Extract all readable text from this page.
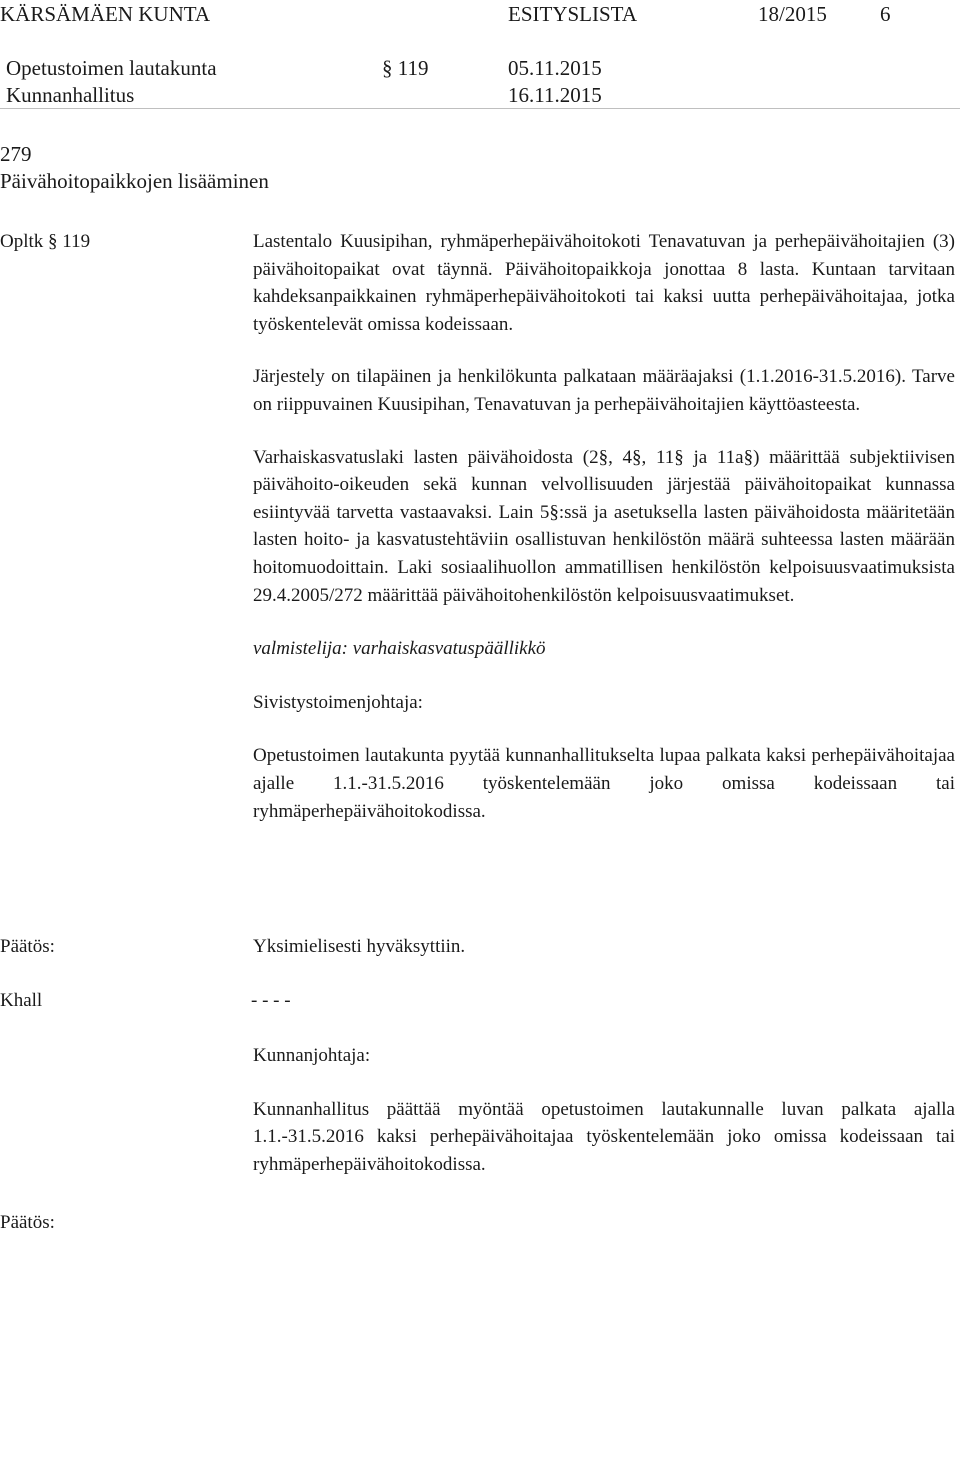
KÄRSÄMÄEN KUNTA	ESITYSLISTA	18/2015	6
Opetustoimen lautakunta	§ 119	05.11.2015
Kunnanhallitus	16.11.2015
279
Päivähoitopaikkojen lisääminen
Opltk § 119	Lastentalo Kuusipihan, ryhmäperhepäivähoitokoti Tenavatuvan ja perhepäivähoitajien (3) päivähoitopaikat ovat täynnä. Päivähoitopaikkoja jonottaa 8 lasta. Kuntaan tarvitaan kahdeksanpaikkainen ryhmäperhepäivähoitokoti tai kaksi uutta perhepäivähoitajaa, jotka työskentelevät omissa kodeissaan.

Järjestely on tilapäinen ja henkilökunta palkataan määräajaksi (1.1.2016-31.5.2016). Tarve on riippuvainen Kuusipihan, Tenavatuvan ja perhepäivähoitajien käyttöasteesta.

Varhaiskasvatuslaki lasten päivähoidosta (2§, 4§, 11§ ja 11a§) määrittää subjektiivisen päivähoito-oikeuden sekä kunnan velvollisuuden järjestää päivähoitopaikat kunnassa esiintyvää tarvetta vastaavaksi. Lain 5§:ssä ja asetuksella lasten päivähoidosta määritetään lasten hoito- ja kasvatustehtäviin osallistuvan henkilöstön määrä suhteessa lasten määrään hoitomuodoittain. Laki sosiaalihuollon ammatillisen henkilöstön kelpoisuusvaatimuksista 29.4.2005/272 määrittää päivähoitohenkilöstön kelpoisuusvaatimukset.

valmistelija: varhaiskasvatuspäällikkö

Sivistystoimenjohtaja:

Opetustoimen lautakunta pyytää kunnanhallitukselta lupaa palkata kaksi perhepäivähoitajaa ajalle 1.1.-31.5.2016 työskentelemään joko omissa kodeissaan tai ryhmäperhepäivähoitokodissa.

Päätös:	Yksimielisesti hyväksyttiin.
Khall	- - - -

Kunnanjohtaja:

Kunnanhallitus päättää myöntää opetustoimen lautakunnalle luvan palkata ajalla 1.1.-31.5.2016 kaksi perhepäivähoitajaa työskentelemään joko omissa kodeissaan tai ryhmäperhepäivähoitokodissa.

Päätös:
